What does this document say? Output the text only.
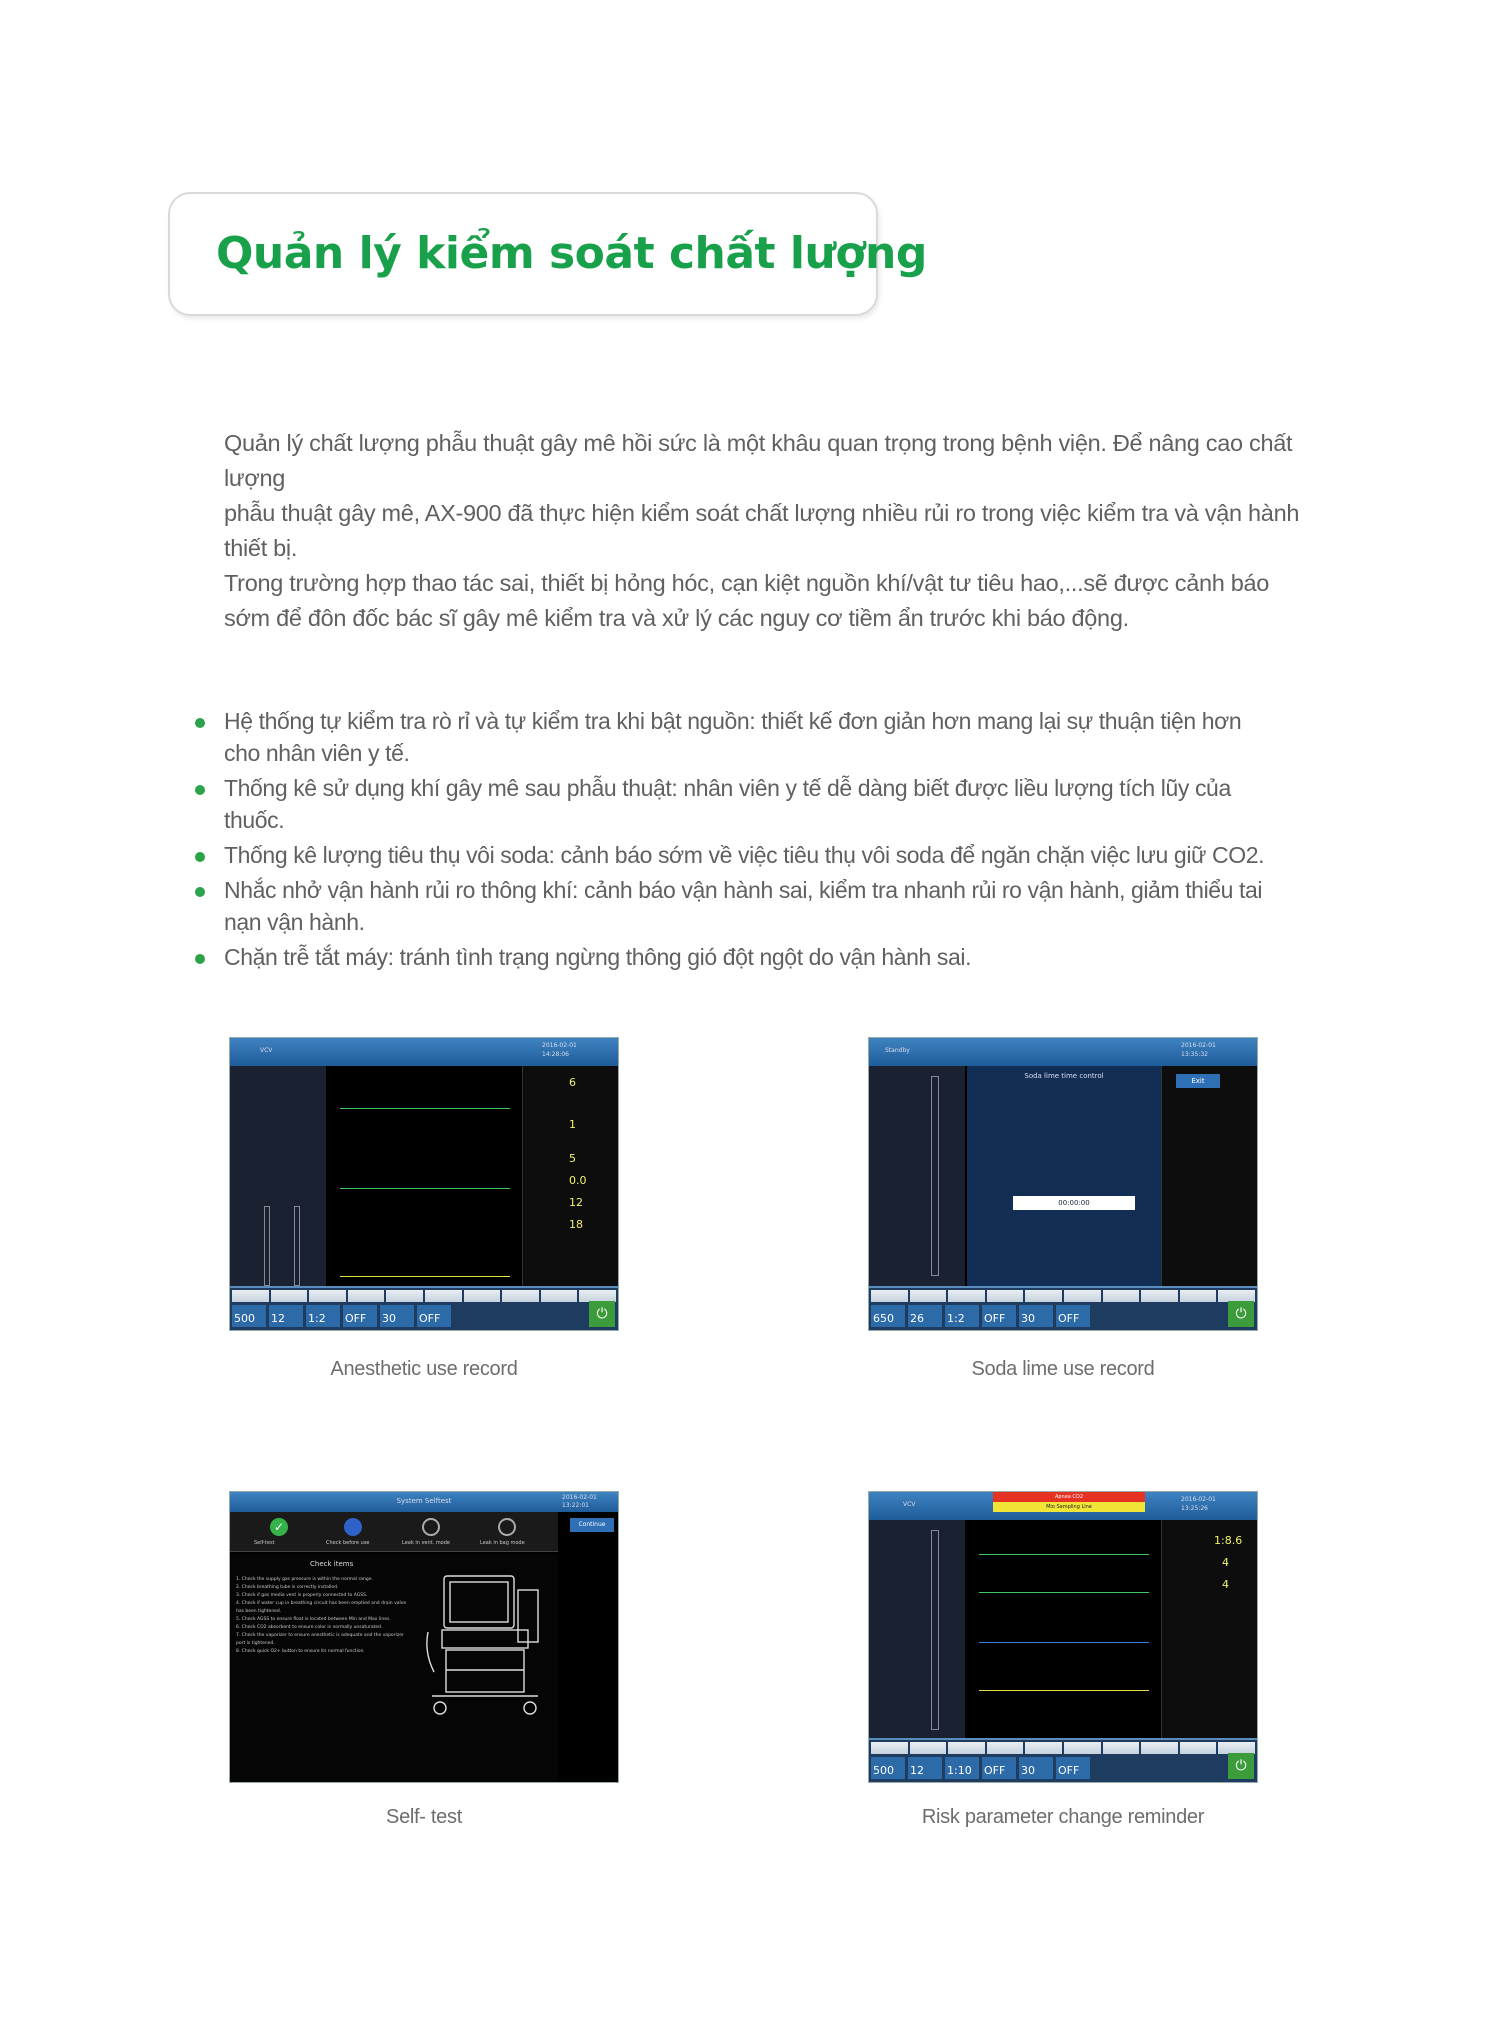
Quản lý kiểm soát chất lượng
Quản lý chất lượng phẫu thuật gây mê hồi sức là một khâu quan trọng trong bệnh viện. Để nâng cao chất lượng
phẫu thuật gây mê, AX-900 đã thực hiện kiểm soát chất lượng nhiều rủi ro trong việc kiểm tra và vận hành thiết bị.
Trong trường hợp thao tác sai, thiết bị hỏng hóc, cạn kiệt nguồn khí/vật tư tiêu hao,...sẽ được cảnh báo
sớm để đôn đốc bác sĩ gây mê kiểm tra và xử lý các nguy cơ tiềm ẩn trước khi báo động.
Hệ thống tự kiểm tra rò rỉ và tự kiểm tra khi bật nguồn: thiết kế đơn giản hơn mang lại sự thuận tiện hơn cho nhân viên y tế.
Thống kê sử dụng khí gây mê sau phẫu thuật: nhân viên y tế dễ dàng biết được liều lượng tích lũy của thuốc.
Thống kê lượng tiêu thụ vôi soda: cảnh báo sớm về việc tiêu thụ vôi soda để ngăn chặn việc lưu giữ CO2.
Nhắc nhở vận hành rủi ro thông khí: cảnh báo vận hành sai, kiểm tra nhanh rủi ro vận hành, giảm thiểu tai nạn vận hành.
Chặn trễ tắt máy: tránh tình trạng ngừng thông gió đột ngột do vận hành sai.
VCV
2016-02-01
14:28:06
6
1
5
0.0
12
18
500	12	1:2	OFF	30	OFF	⏻
Anesthetic use record
Standby
2016-02-01
13:35:32
Soda lime time control
00:00:00
Exit
650	26	1:2	OFF	30	OFF	⏻
Soda lime use record
System Selftest	2016-02-01
13:22:01
✓
Self-test	Check before use	Leak in vent. mode	Leak in bag mode
Continue
Check items
1. Check the supply gas pressure is within the normal range.
2. Check breathing tube is correctly installed.
3. Check if gas media vent is properly connected to AGSS.
4. Check if water cup in breathing circuit has been emptied and drain valve has been tightened.
5. Check AGSS to ensure float is located between Min and Max lines.
6. Check CO2 absorbent to ensure color is normally unsaturated.
7. Check the vaporizer to ensure anesthetic is adequate and the vaporizer port is tightened.
8. Check quick O2+ button to ensure its normal function.
Self- test
VCV
Apnea CO2
Mio Sampling Line
2016-02-01
13:25:26
1:8.6
4
4
500	12	1:10	OFF	30	OFF	⏻
Risk parameter change reminder
